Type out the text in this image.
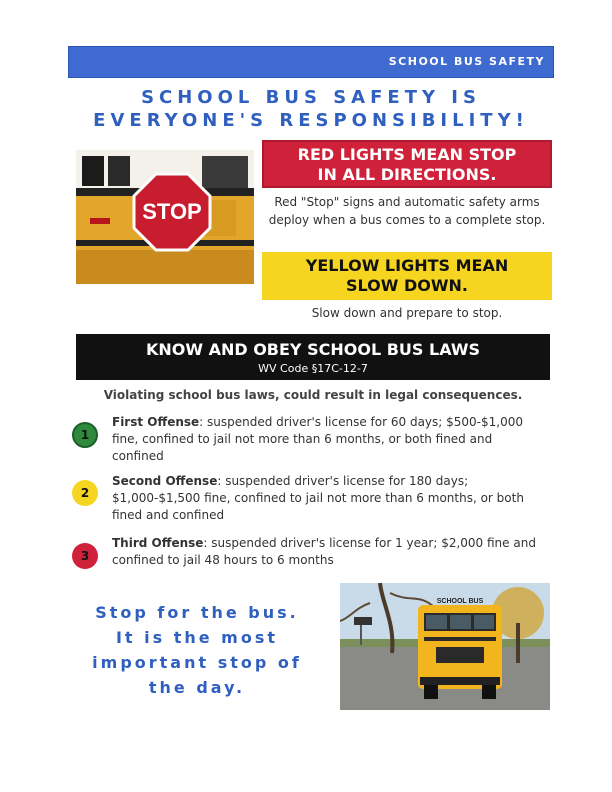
SCHOOL BUS SAFETY
SCHOOL BUS SAFETY IS
EVERYONE'S RESPONSIBILITY!
STOP
RED LIGHTS MEAN STOP
IN ALL DIRECTIONS.
Red "Stop" signs and automatic safety arms deploy when a bus comes to a complete stop.
YELLOW LIGHTS MEAN
SLOW DOWN.
Slow down and prepare to stop.
KNOW AND OBEY SCHOOL BUS LAWS
WV Code §17C-12-7
Violating school bus laws, could result in legal consequences.
1
First Offense: suspended driver's license for 60 days; $500-$1,000 fine, confined to jail not more than 6 months, or both fined and confined
2
Second Offense: suspended driver's license for 180 days; $1,000-$1,500 fine, confined to jail not more than 6 months, or both fined and confined
3
Third Offense: suspended driver's license for 1 year; $2,000 fine and confined to jail 48 hours to 6 months
Stop for the bus.
It is the most
important stop of
the day.
SCHOOL BUS
